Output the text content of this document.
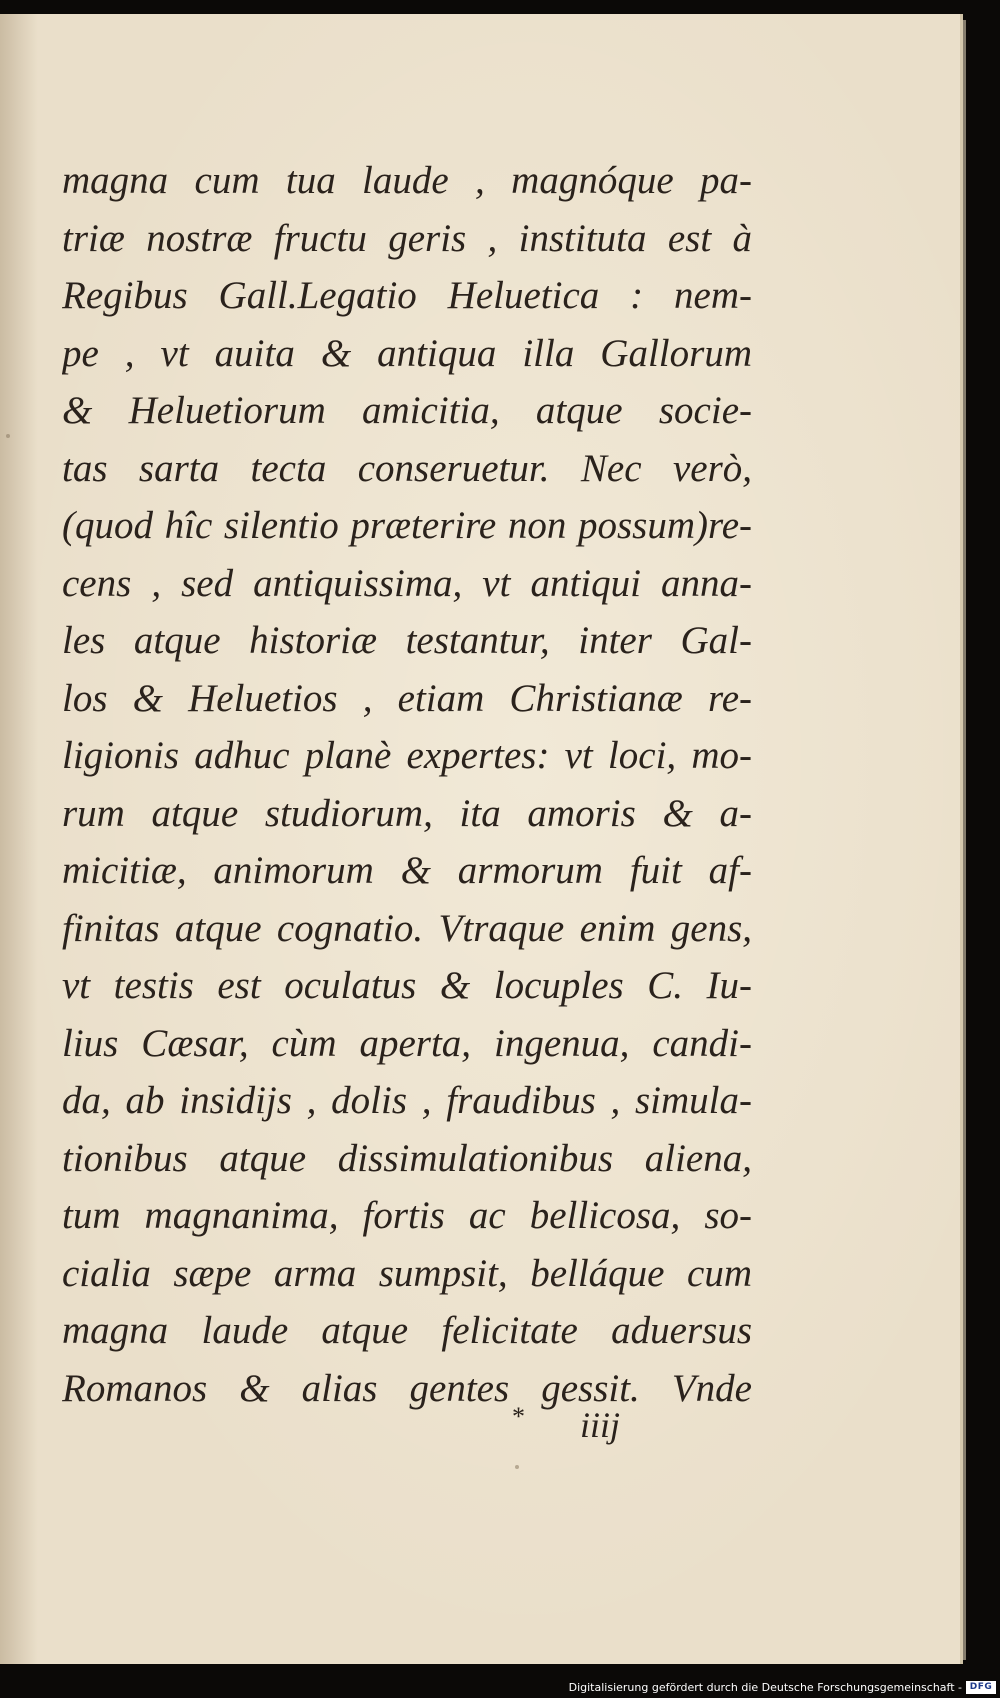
magna cum tua laude , magnóque pa-
triæ nostræ fructu geris , instituta est à
Regibus Gall.Legatio Heluetica : nem-
pe , vt auita & antiqua illa Gallorum
& Heluetiorum amicitia, atque socie-
tas sarta tecta conseruetur. Nec verò,
(quod hîc silentio præterire non possum)re-
cens , sed antiquissima, vt antiqui anna-
les atque historiæ testantur, inter Gal-
los & Heluetios , etiam Christianæ re-
ligionis adhuc planè expertes: vt loci, mo-
rum atque studiorum, ita amoris & a-
micitiæ, animorum & armorum fuit af-
finitas atque cognatio. Vtraque enim gens,
vt testis est oculatus & locuples C. Iu-
lius Cæsar, cùm aperta, ingenua, candi-
da, ab insidijs , dolis , fraudibus , simula-
tionibus atque dissimulationibus aliena,
tum magnanima, fortis ac bellicosa, so-
cialia sæpe arma sumpsit, belláque cum
magna laude atque felicitate aduersus
Romanos & alias gentes gessit. Vnde
* iiij
Digitalisierung gefördert durch die Deutsche Forschungsgemeinschaft - DFG
